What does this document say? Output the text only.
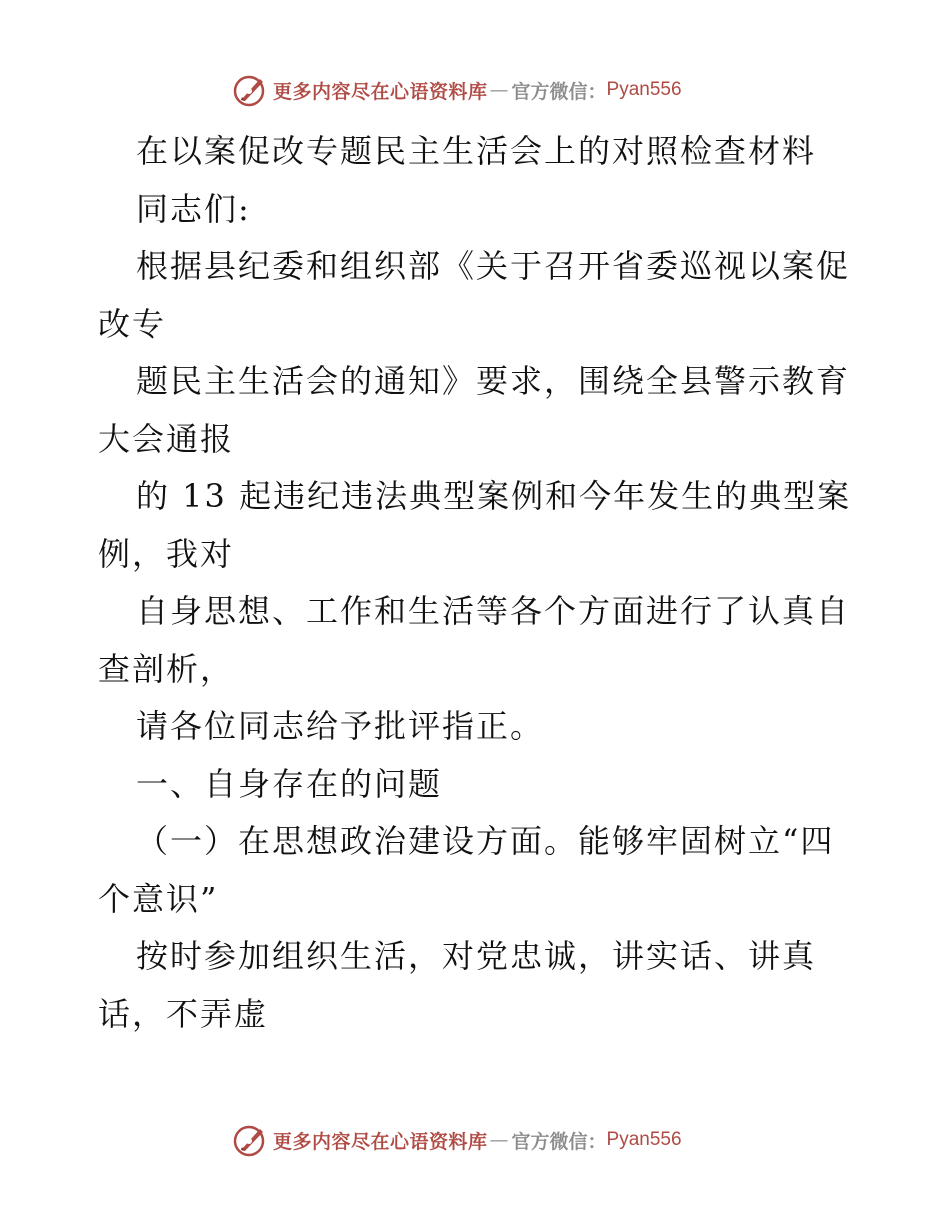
更多内容尽在心语资料库 — 官方微信： Pyan556

在以案促改专题民主生活会上的对照检查材料

同志们:

根据县纪委和组织部《关于召开省委巡视以案促

改专

题民主生活会的通知》要求，围绕全县警示教育

大会通报

的 13 起违纪违法典型案例和今年发生的典型案

例，我对

自身思想、工作和生活等各个方面进行了认真自

查剖析，

请各位同志给予批评指正。

一、自身存在的问题

（一）在思想政治建设方面。能够牢固树立“四

个意识”

按时参加组织生活，对党忠诚，讲实话、讲真

话，不弄虚

更多内容尽在心语资料库 — 官方微信： Pyan556
